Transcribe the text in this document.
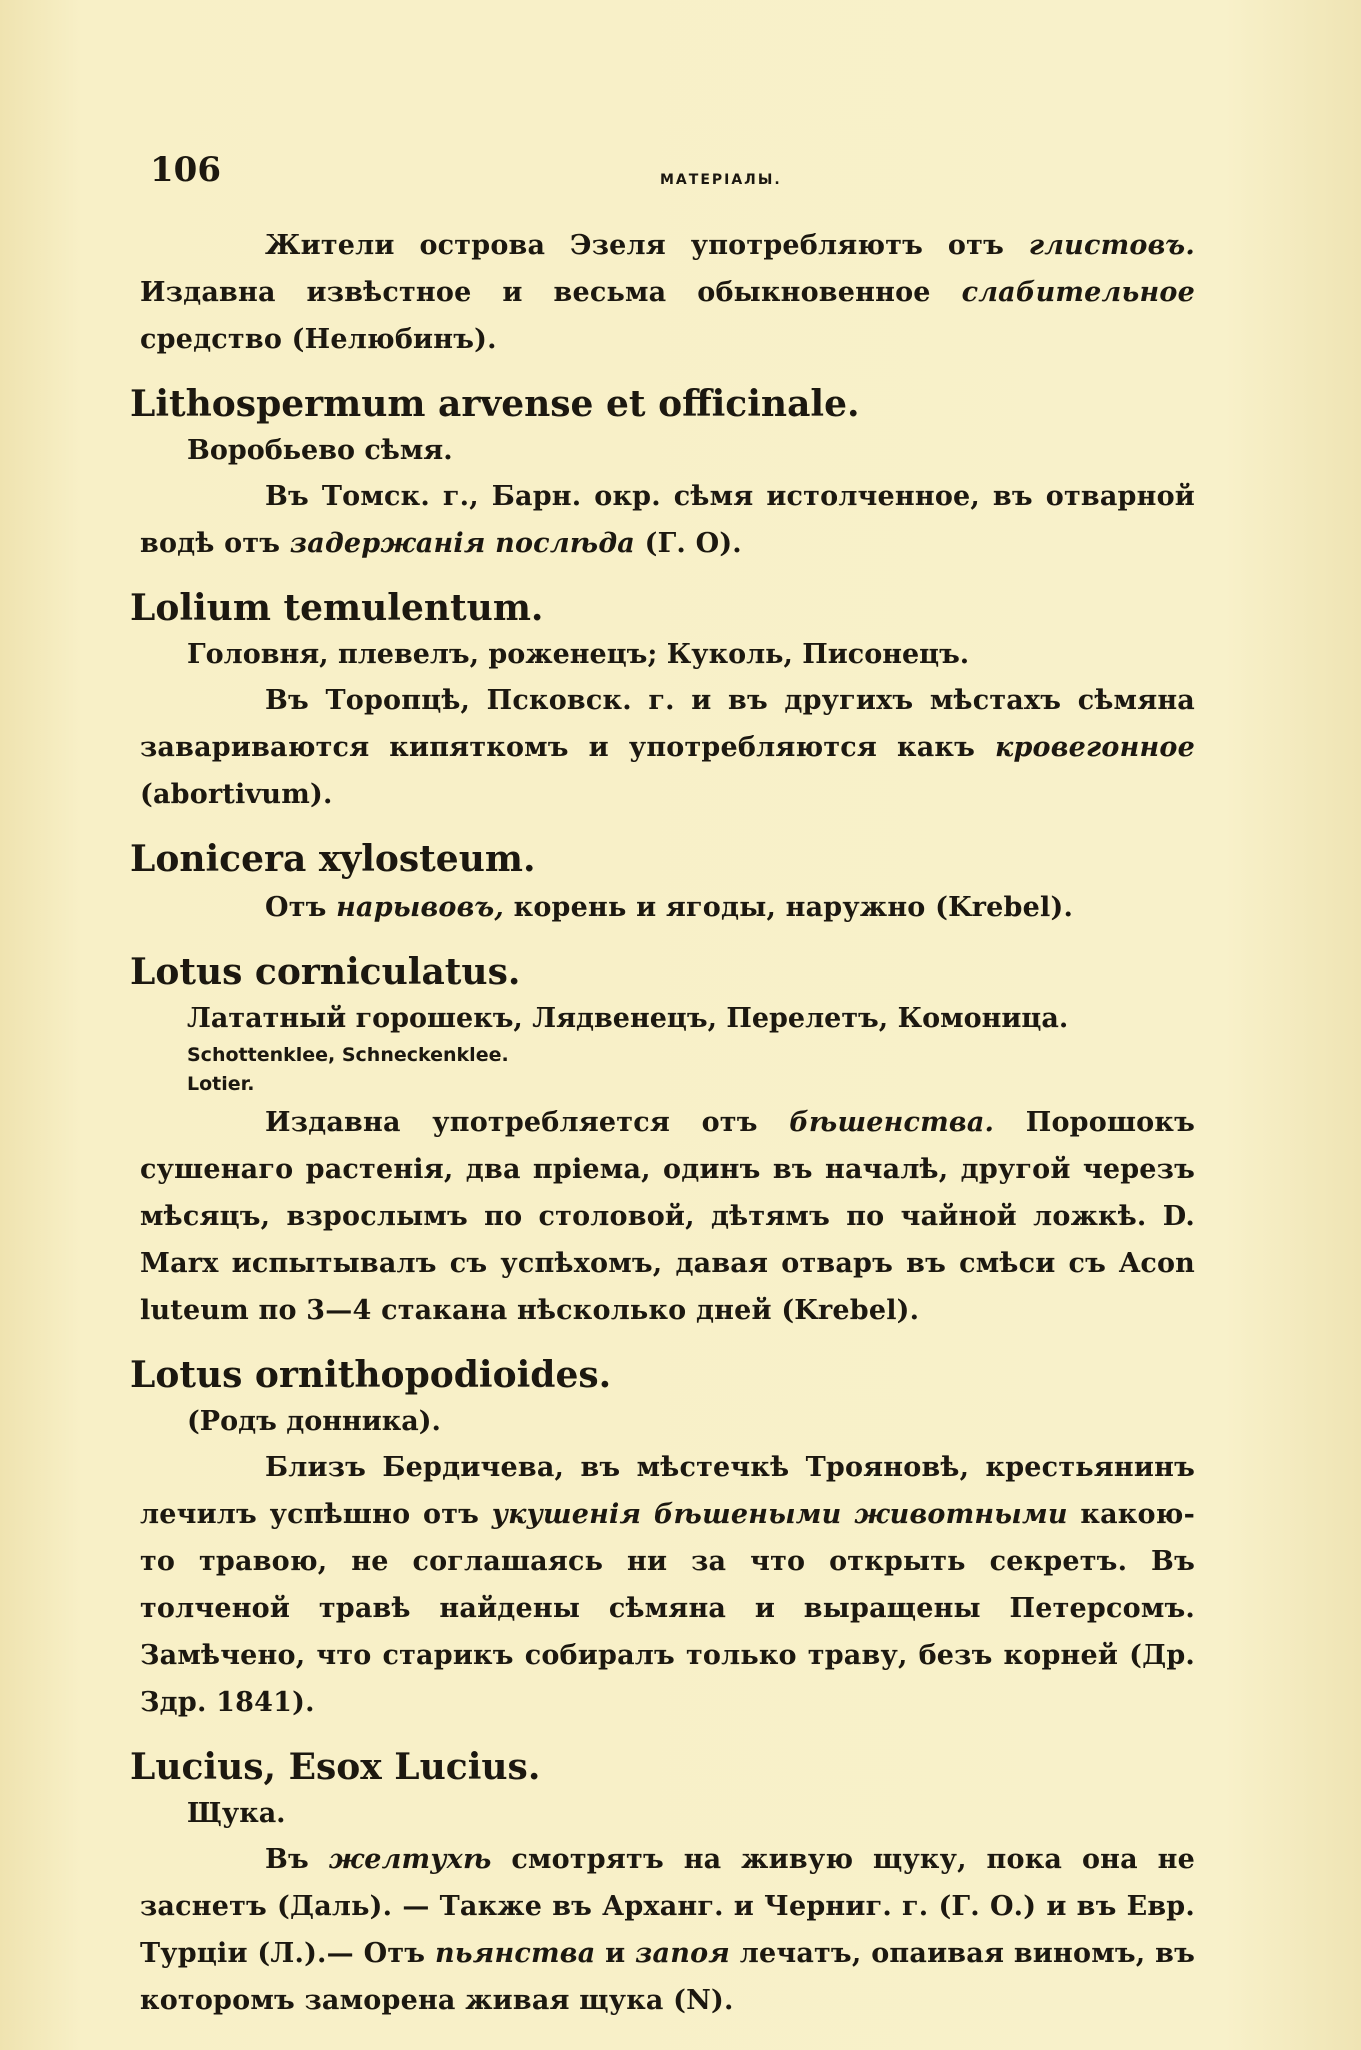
106	МАТЕРІАЛЫ.

Жители острова Эзеля употребляютъ отъ глистовъ. Издавна извѣстное и весьма обыкновенное слабительное средство (Нелюбинъ).

Lithospermum arvense et officinale.
Воробьево сѣмя.

Въ Томск. г., Барн. окр. сѣмя истолченное, въ отварной водѣ отъ задержанія послѣда (Г. О).

Lolium temulentum.
Головня, плевелъ, роженецъ; Куколь, Писонецъ.

Въ Торопцѣ, Псковск. г. и въ другихъ мѣстахъ сѣмяна завариваются кипяткомъ и употребляются какъ кровегонное (abortivum).

Lonicera xylosteum.

Отъ нарывовъ, корень и ягоды, наружно (Krebel).

Lotus corniculatus.
Лататный горошекъ, Лядвенецъ, Перелетъ, Комоница.
Schottenklee, Schneckenklee.
Lotier.

Издавна употребляется отъ бѣшенства. Порошокъ сушенаго растенія, два пріема, одинъ въ началѣ, другой черезъ мѣсяцъ, взрослымъ по столовой, дѣтямъ по чайной ложкѣ. D. Marx испытывалъ съ успѣхомъ, давая отваръ въ смѣси съ Acon luteum по 3—4 стакана нѣсколько дней (Krebel).

Lotus ornithopodioides.
(Родъ донника).

Близъ Бердичева, въ мѣстечкѣ Трояновѣ, крестьянинъ лечилъ успѣшно отъ укушенія бѣшеными животными какою-то травою, не соглашаясь ни за что открыть секретъ. Въ толченой травѣ найдены сѣмяна и выращены Петерсомъ. Замѣчено, что старикъ собиралъ только траву, безъ корней (Др. Здр. 1841).

Lucius, Esox Lucius.
Щука.

Въ желтухѣ смотрятъ на живую щуку, пока она не заснетъ (Даль). — Также въ Арханг. и Черниг. г. (Г. О.) и въ Евр. Турціи (Л.).— Отъ пьянства и запоя лечатъ, опаивая виномъ, въ которомъ заморена живая щука (N).
